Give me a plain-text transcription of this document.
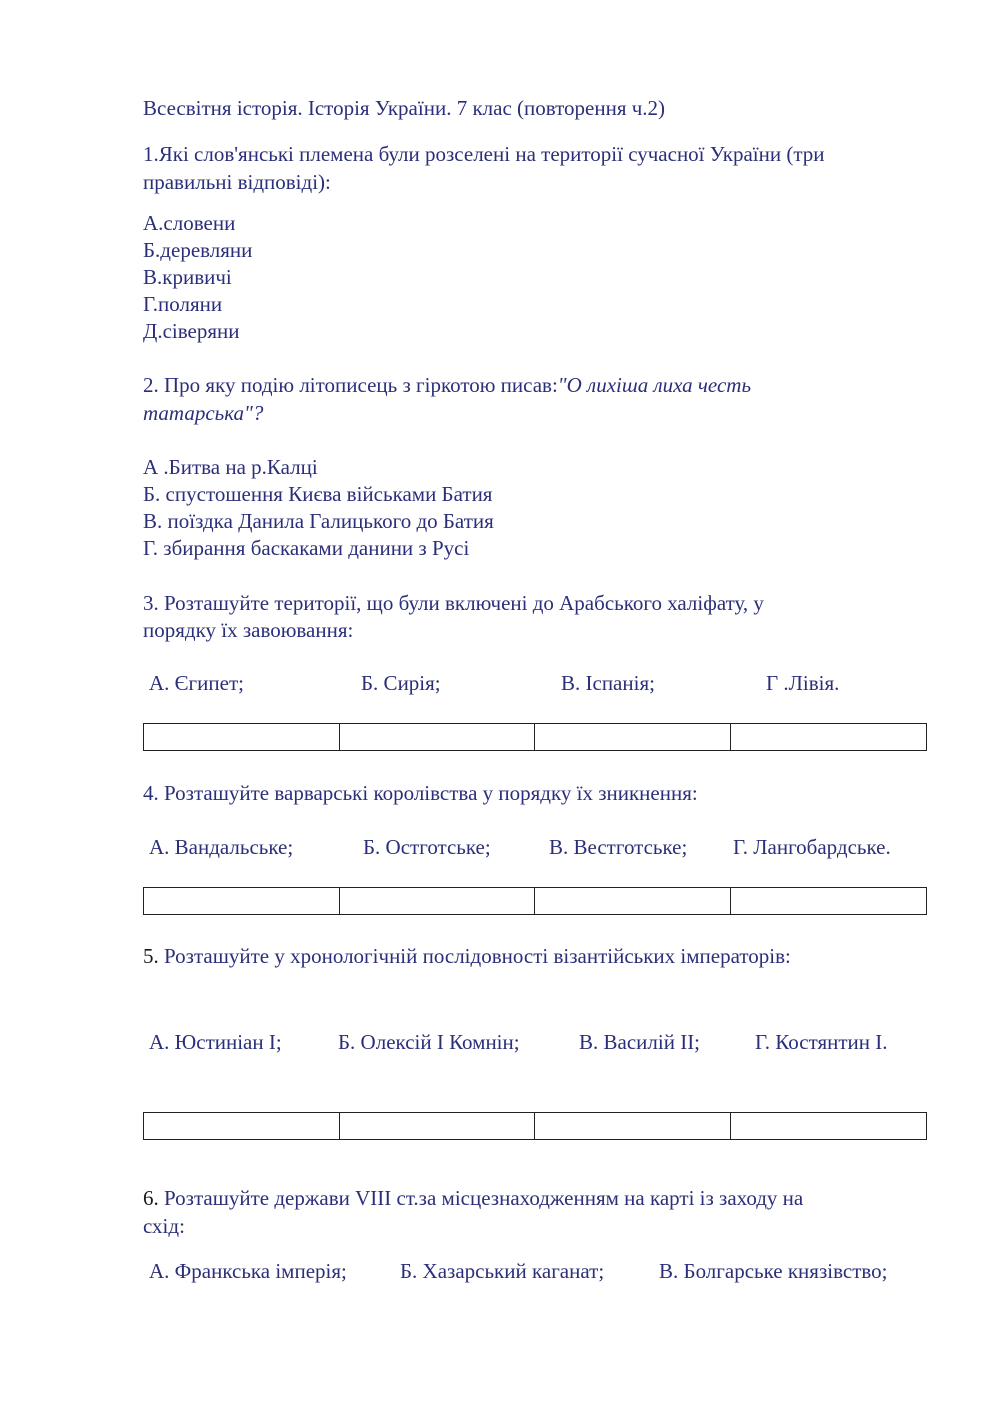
Всесвітня історія. Історія України. 7 клас (повторення ч.2)
1.Які слов'янські племена були розселені на території сучасної України (три
правильні відповіді):
А.словени
Б.деревляни
В.кривичі
Г.поляни
Д.сіверяни
2. Про яку подію літописець з гіркотою писав:"О лихіша лиха честь
татарська"?
А .Битва на р.Калці
Б. спустошення Києва військами Батия
В. поїздка Данила Галицького до Батия
Г. збирання баскаками данини з Русі
3. Розташуйте території, що були включені до Арабського халіфату, у
порядку їх завоювання:
А. Єгипет;	Б. Сирія;	В. Іспанія;	Г .Лівія.
4. Розташуйте варварські королівства у порядку їх зникнення:
А. Вандальське;	Б. Остготське;	В. Вестготське; Г. Лангобардське.
5. Розташуйте у хронологічній послідовності візантійських імператорів:
А. Юстиніан І;	Б. Олексій І Комнін;	В. Василій ІІ;	Г. Костянтин І.
6. Розташуйте держави VIII ст.за місцезнаходженням на карті із заходу на
схід:
А. Франкська імперія;	Б. Хазарський каганат;	В. Болгарське князівство;
